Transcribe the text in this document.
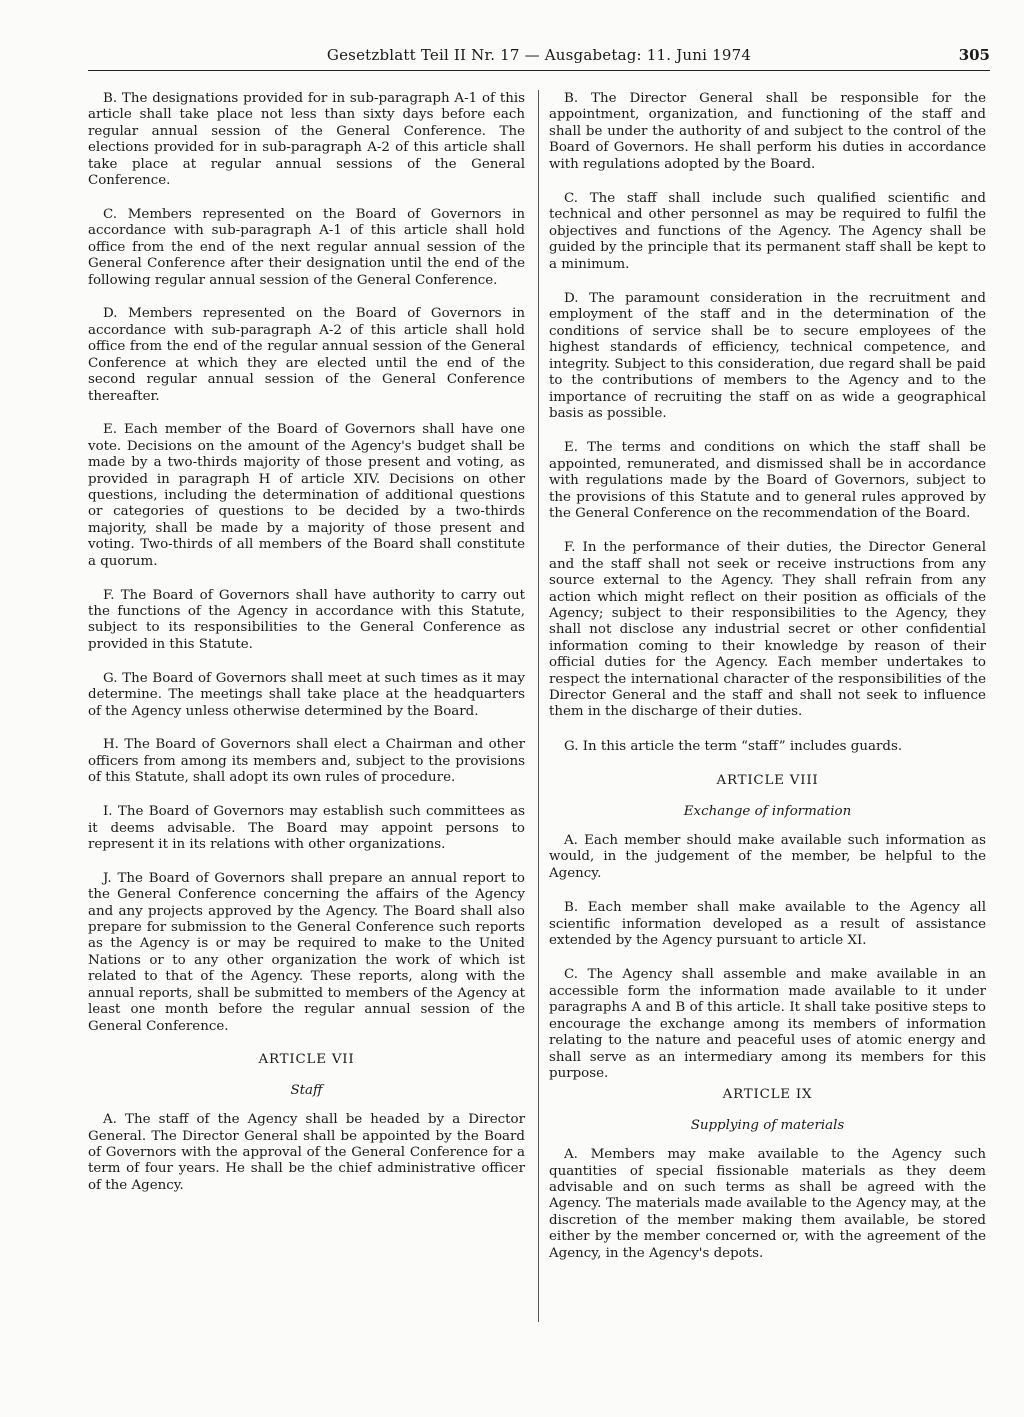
Gesetzblatt Teil II Nr. 17 — Ausgabetag: 11. Juni 1974	305

B. The designations provided for in sub-paragraph A-1 of this article shall take place not less than sixty days before each regular annual session of the General Conference. The elections provided for in sub-paragraph A-2 of this article shall take place at regular annual sessions of the General Conference.

C. Members represented on the Board of Governors in accordance with sub-paragraph A-1 of this article shall hold office from the end of the next regular annual session of the General Conference after their designation until the end of the following regular annual session of the General Conference.

D. Members represented on the Board of Governors in accordance with sub-paragraph A-2 of this article shall hold office from the end of the regular annual session of the General Conference at which they are elected until the end of the second regular annual session of the General Conference thereafter.

E. Each member of the Board of Governors shall have one vote. Decisions on the amount of the Agency's budget shall be made by a two-thirds majority of those present and voting, as provided in paragraph H of article XIV. Decisions on other questions, including the determination of additional questions or categories of questions to be decided by a two-thirds majority, shall be made by a majority of those present and voting. Two-thirds of all members of the Board shall constitute a quorum.

F. The Board of Governors shall have authority to carry out the functions of the Agency in accordance with this Statute, subject to its responsibilities to the General Conference as provided in this Statute.

G. The Board of Governors shall meet at such times as it may determine. The meetings shall take place at the headquarters of the Agency unless otherwise determined by the Board.

H. The Board of Governors shall elect a Chairman and other officers from among its members and, subject to the provisions of this Statute, shall adopt its own rules of procedure.

I. The Board of Governors may establish such committees as it deems advisable. The Board may appoint persons to represent it in its relations with other organizations.

J. The Board of Governors shall prepare an annual report to the General Conference concerning the affairs of the Agency and any projects approved by the Agency. The Board shall also prepare for submission to the General Conference such reports as the Agency is or may be required to make to the United Nations or to any other organization the work of which ist related to that of the Agency. These reports, along with the annual reports, shall be submitted to members of the Agency at least one month before the regular annual session of the General Conference.

ARTICLE VII
Staff

A. The staff of the Agency shall be headed by a Director General. The Director General shall be appointed by the Board of Governors with the approval of the General Conference for a term of four years. He shall be the chief administrative officer of the Agency.

B. The Director General shall be responsible for the appointment, organization, and functioning of the staff and shall be under the authority of and subject to the control of the Board of Governors. He shall perform his duties in accordance with regulations adopted by the Board.

C. The staff shall include such qualified scientific and technical and other personnel as may be required to fulfil the objectives and functions of the Agency. The Agency shall be guided by the principle that its permanent staff shall be kept to a minimum.

D. The paramount consideration in the recruitment and employment of the staff and in the determination of the conditions of service shall be to secure employees of the highest standards of efficiency, technical competence, and integrity. Subject to this consideration, due regard shall be paid to the contributions of members to the Agency and to the importance of recruiting the staff on as wide a geographical basis as possible.

E. The terms and conditions on which the staff shall be appointed, remunerated, and dismissed shall be in accordance with regulations made by the Board of Governors, subject to the provisions of this Statute and to general rules approved by the General Conference on the recommendation of the Board.

F. In the performance of their duties, the Director General and the staff shall not seek or receive instructions from any source external to the Agency. They shall refrain from any action which might reflect on their position as officials of the Agency; subject to their responsibilities to the Agency, they shall not disclose any industrial secret or other confidential information coming to their knowledge by reason of their official duties for the Agency. Each member undertakes to respect the international character of the responsibilities of the Director General and the staff and shall not seek to influence them in the discharge of their duties.

G. In this article the term “staff” includes guards.

ARTICLE VIII
Exchange of information

A. Each member should make available such information as would, in the judgement of the member, be helpful to the Agency.

B. Each member shall make available to the Agency all scientific information developed as a result of assistance extended by the Agency pursuant to article XI.

C. The Agency shall assemble and make available in an accessible form the information made available to it under paragraphs A and B of this article. It shall take positive steps to encourage the exchange among its members of information relating to the nature and peaceful uses of atomic energy and shall serve as an intermediary among its members for this purpose.

ARTICLE IX
Supplying of materials

A. Members may make available to the Agency such quantities of special fissionable materials as they deem advisable and on such terms as shall be agreed with the Agency. The materials made available to the Agency may, at the discretion of the member making them available, be stored either by the member concerned or, with the agreement of the Agency, in the Agency's depots.
